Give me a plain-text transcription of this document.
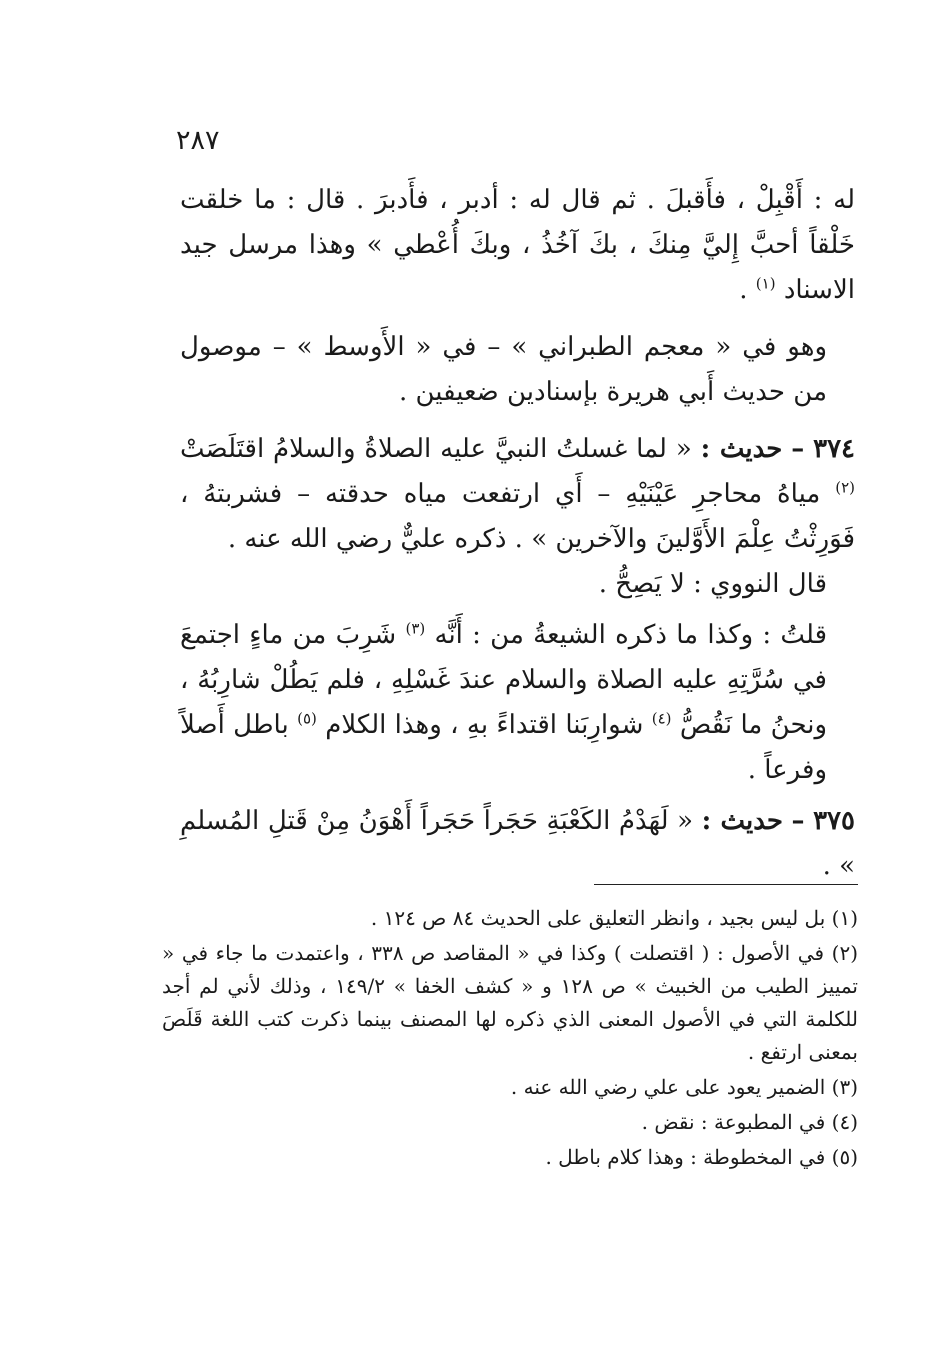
٢٨٧

له : أَقْبِلْ ، فأَقبلَ . ثم قال له : أدبر ، فأَدبرَ . قال : ما خلقت خَلْقاً أحبَّ إِليَّ مِنكَ ، بكَ آخُذُ ، وبكَ أُعْطي » وهذا مرسل جيد الاسناد $^{(١)}$ .

وهو في « معجم الطبراني » – في « الأَوسط » – موصول من حديث أَبي هريرة بإسنادين ضعيفين .

٣٧٤ – حديث : « لما غسلتُ النبيَّ عليه الصلاةُ والسلامُ اقتَلَصَتْ $^{(٢)}$ مياهُ محاجرِ عَيْنَيْهِ – أَي ارتفعت مياه حدقته – فشربتهُ ، فَوَرِثْتُ عِلْمَ الأَوَّلينَ والآخرين » . ذكره عليٌّ رضي الله عنه .

قال النووي : لا يَصِحُّ .

قلتُ : وكذا ما ذكره الشيعةُ من : أَنَّه $^{(٣)}$ شَرِبَ من ماءٍ اجتمعَ في سُرَّتِهِ عليه الصلاة والسلام عندَ غَسْلِهِ ، فلم يَطُلْ شارِبُهُ ، ونحنُ ما نَقُصُّ $^{(٤)}$ شوارِبَنا اقتداءً بهِ ، وهذا الكلام $^{(٥)}$ باطل أَصلاً وفرعاً .

٣٧٥ – حديث : « لَهَدْمُ الكَعْبَةِ حَجَراً حَجَراً أَهْوَنُ مِنْ قَتلِ المُسلمِ » .

(١) بل ليس بجيد ، وانظر التعليق على الحديث ٨٤ ص ١٢٤ .

(٢) في الأصول : ( اقتصلت ) وكذا في « المقاصد ص ٣٣٨ ، واعتمدت ما جاء في « تمييز الطيب من الخبيث » ص ١٢٨ و « كشف الخفا » ١٤٩/٢ ، وذلك لأني لم أجد للكلمة التي في الأصول المعنى الذي ذكره لها المصنف بينما ذكرت كتب اللغة قَلَصَ بمعنى ارتفع .

(٣) الضمير يعود على علي رضي الله عنه .

(٤) في المطبوعة : نقض .

(٥) في المخطوطة : وهذا كلام باطل .
